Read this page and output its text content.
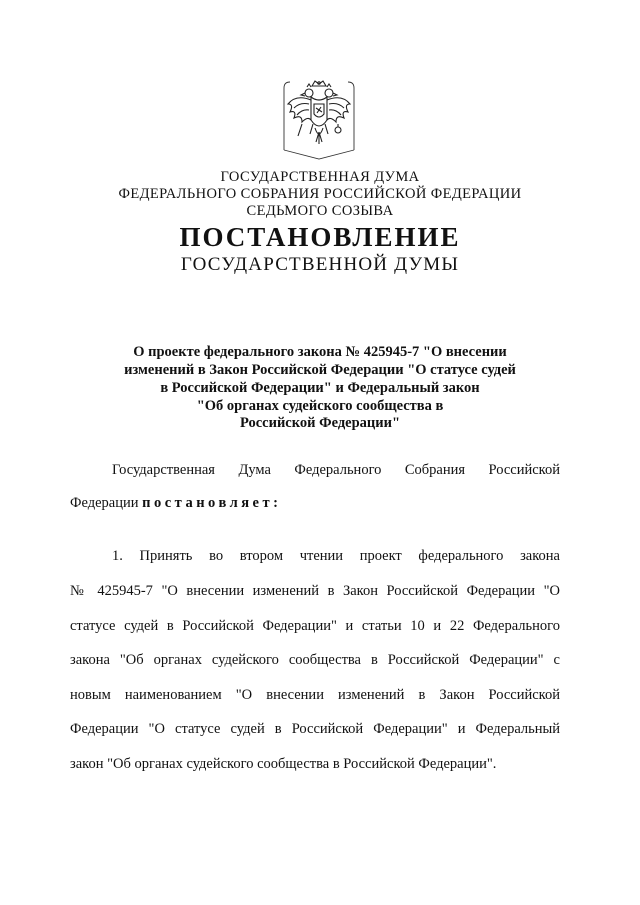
ГОСУДАРСТВЕННАЯ ДУМА
ФЕДЕРАЛЬНОГО СОБРАНИЯ РОССИЙСКОЙ ФЕДЕРАЦИИ
СЕДЬМОГО СОЗЫВА
ПОСТАНОВЛЕНИЕ
ГОСУДАРСТВЕННОЙ ДУМЫ
О проекте федерального закона № 425945-7 "О внесении
изменений в Закон Российской Федерации "О статусе судей
в Российской Федерации" и Федеральный закон
"Об органах судейского сообщества в
Российской Федерации"
Государственная Дума Федерального Собрания Российской
Федерации постановляет:
1. Принять во втором чтении проект федерального закона
№ 425945-7 "О внесении изменений в Закон Российской Федерации "О
статусе судей в Российской Федерации" и статьи 10 и 22 Федерального
закона "Об органах судейского сообщества в Российской Федерации" с
новым наименованием "О внесении изменений в Закон Российской
Федерации "О статусе судей в Российской Федерации" и Федеральный
закон "Об органах судейского сообщества в Российской Федерации".
